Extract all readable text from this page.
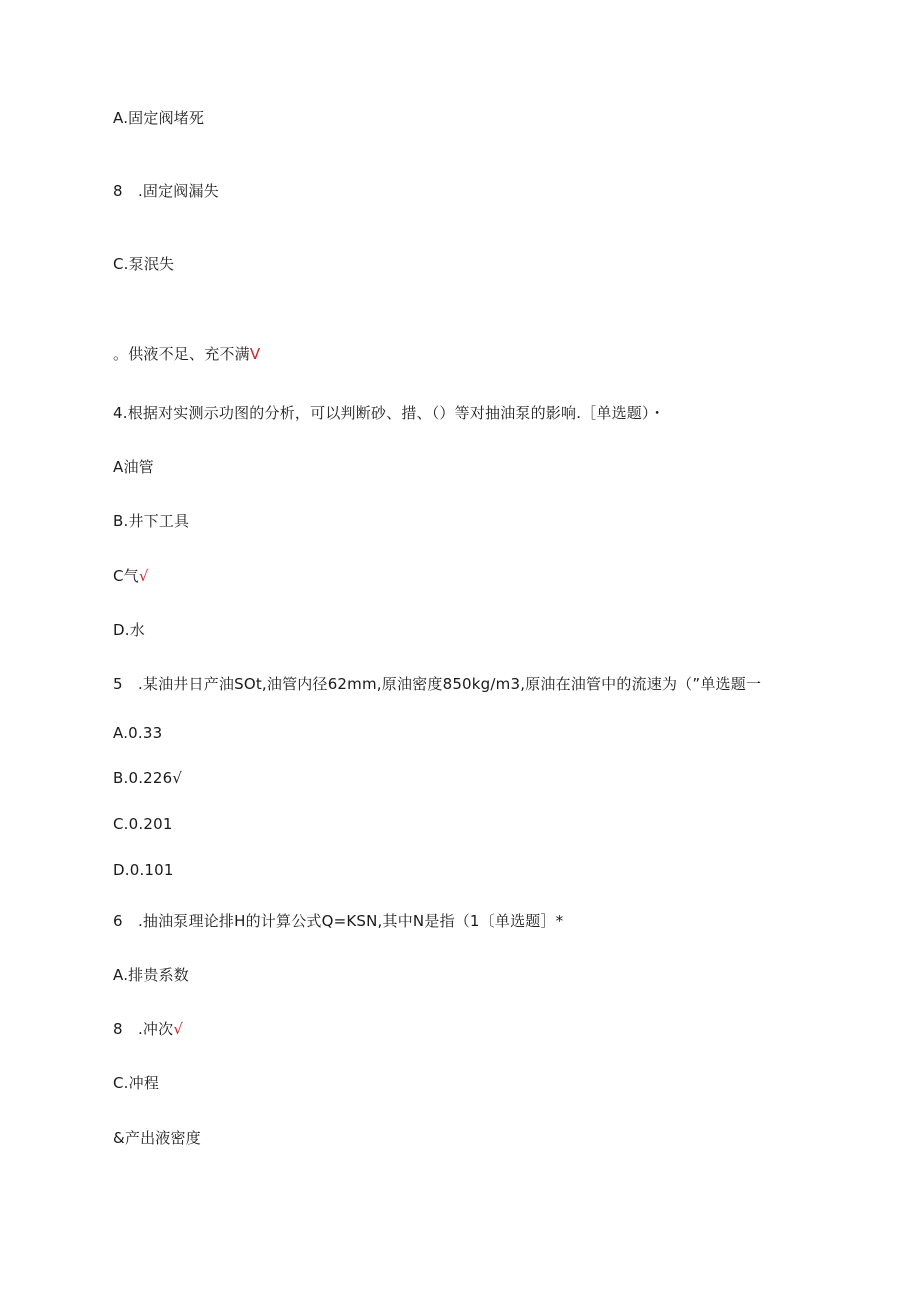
A.固定阀堵死
8　.固定阀漏失
C.泵泯失
。供液不足、充不满V
4.根据对实测示功图的分析，可以判断砂、措、（）等对抽油泵的影响.［单选题）・
A油管
B.井下工具
C气√
D.水
5　.某油井日产油SOt,油管内径62mm,原油密度850kg∕m3,原油在油管中的流速为（”单选题一
A.0.33
B.0.226√
C.0.201
D.0.101
6　.抽油泵理论排H的计算公式Q=KSN,其中N是指（1〔单选题］*
A.排贵系数
8　.冲次√
C.冲程
&产出液密度
